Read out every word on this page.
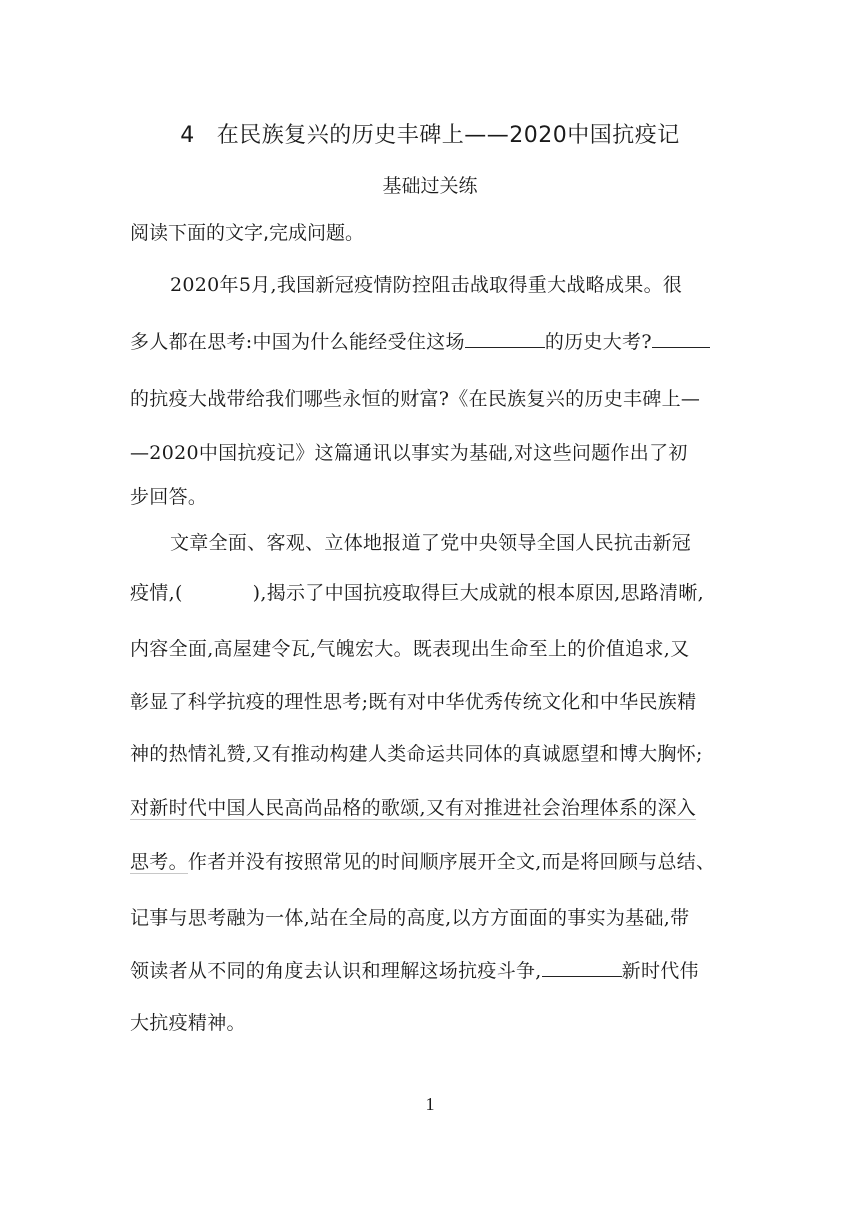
4 在民族复兴的历史丰碑上——2020中国抗疫记
基础过关练
阅读下面的文字,完成问题。
2020年5月,我国新冠疫情防控阻击战取得重大战略成果。很
多人都在思考:中国为什么能经受住这场	的历史大考?
的抗疫大战带给我们哪些永恒的财富?《在民族复兴的历史丰碑上—
—2020中国抗疫记》这篇通讯以事实为基础,对这些问题作出了初
步回答。
文章全面、客观、立体地报道了党中央领导全国人民抗击新冠
疫情,(	),揭示了中国抗疫取得巨大成就的根本原因,思路清晰,
内容全面,高屋建令瓦,气魄宏大。既表现出生命至上的价值追求,又
彰显了科学抗疫的理性思考;既有对中华优秀传统文化和中华民族精
神的热情礼赞,又有推动构建人类命运共同体的真诚愿望和博大胸怀;
对新时代中国人民高尚品格的歌颂,又有对推进社会治理体系的深入
思考。作者并没有按照常见的时间顺序展开全文,而是将回顾与总结、
记事与思考融为一体,站在全局的高度,以方方面面的事实为基础,带
领读者从不同的角度去认识和理解这场抗疫斗争,	新时代伟
大抗疫精神。
1
